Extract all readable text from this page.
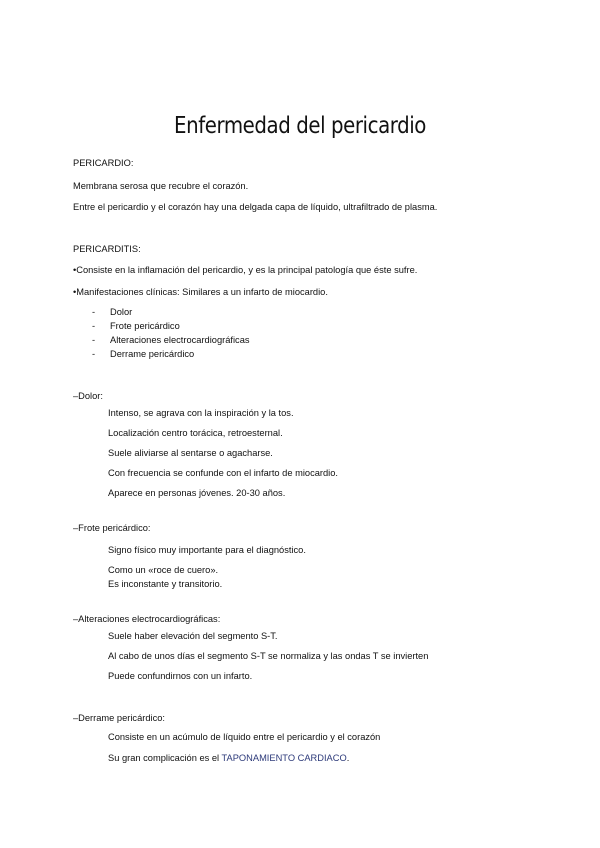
Enfermedad del pericardio
PERICARDIO:
Membrana serosa que recubre el corazón.
Entre el pericardio y el corazón hay una delgada capa de líquido, ultrafiltrado de plasma.
PERICARDITIS:
•Consiste en la inflamación del pericardio, y es la principal patología que éste sufre.
•Manifestaciones clínicas: Similares a un infarto de miocardio.
- Dolor
- Frote pericárdico
- Alteraciones electrocardiográficas
- Derrame pericárdico
–Dolor:
Intenso, se agrava con la inspiración y la tos.
Localización centro torácica, retroesternal.
Suele aliviarse al sentarse o agacharse.
Con frecuencia se confunde con el infarto de miocardio.
Aparece en personas jóvenes. 20-30 años.
–Frote pericárdico:
Signo físico muy importante para el diagnóstico.
Como un «roce de cuero».
Es inconstante y transitorio.
–Alteraciones electrocardiográficas:
Suele haber elevación del segmento S-T.
Al cabo de unos días el segmento S-T se normaliza y las ondas T se invierten
Puede confundirnos con un infarto.
–Derrame pericárdico:
Consiste en un acúmulo de líquido entre el pericardio y el corazón
Su gran complicación es el TAPONAMIENTO CARDIACO.
